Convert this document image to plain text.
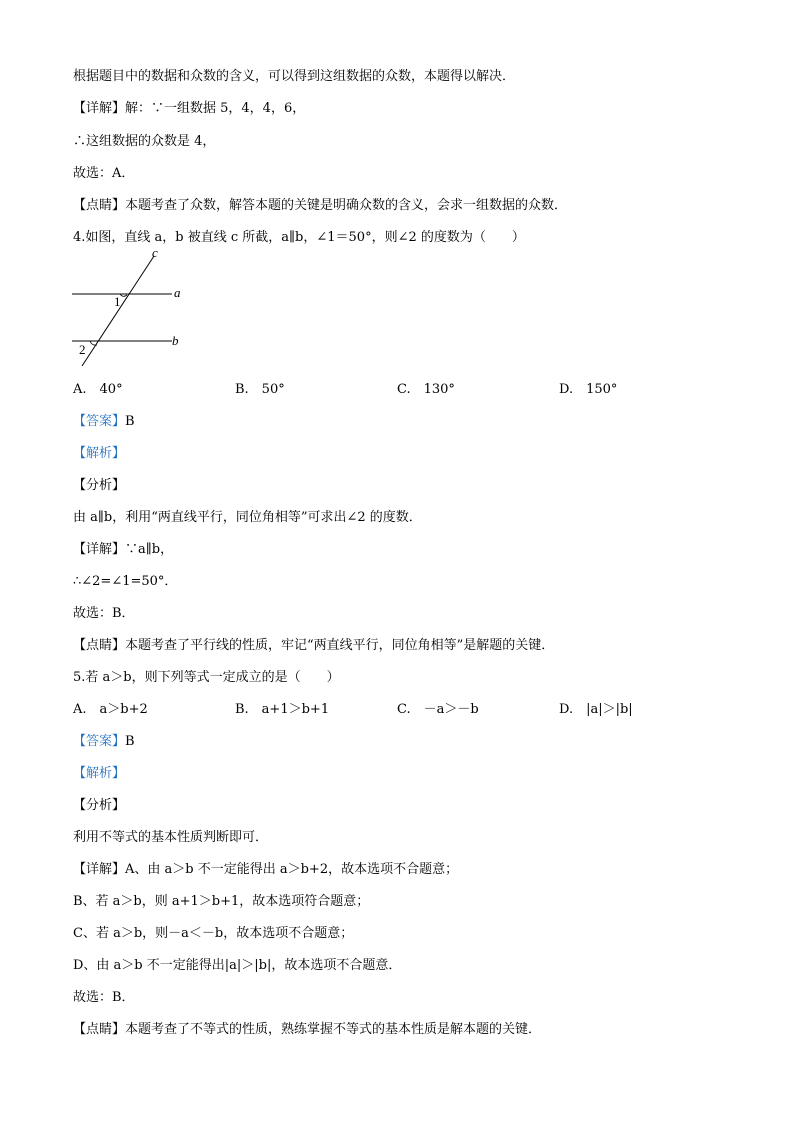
根据题目中的数据和众数的含义，可以得到这组数据的众数，本题得以解决．
【详解】解：∵一组数据 5，4，4，6，
∴这组数据的众数是 4，
故选：A．
【点睛】本题考查了众数，解答本题的关键是明确众数的含义，会求一组数据的众数．
4.如图，直线 a，b 被直线 c 所截，a∥b，∠1＝50°，则∠2 的度数为（　　）
c
a
b
1
2
A.　40°	B.　50°	C.　130°	D.　150°
【答案】B
【解析】
【分析】
由 a∥b，利用“两直线平行，同位角相等”可求出∠2 的度数．
【详解】∵a∥b，
∴∠2=∠1=50°．
故选：B．
【点睛】本题考查了平行线的性质，牢记“两直线平行，同位角相等”是解题的关键．
5.若 a＞b，则下列等式一定成立的是（　　）
A.　a＞b+2	B.　a+1＞b+1	C.　－a＞－b	D.　|a|＞|b|
【答案】B
【解析】
【分析】
利用不等式的基本性质判断即可．
【详解】A、由 a＞b 不一定能得出 a＞b+2，故本选项不合题意；
B、若 a＞b，则 a+1＞b+1，故本选项符合题意；
C、若 a＞b，则－a＜－b，故本选项不合题意；
D、由 a＞b 不一定能得出|a|＞|b|，故本选项不合题意．
故选：B．
【点睛】本题考查了不等式的性质，熟练掌握不等式的基本性质是解本题的关键．
